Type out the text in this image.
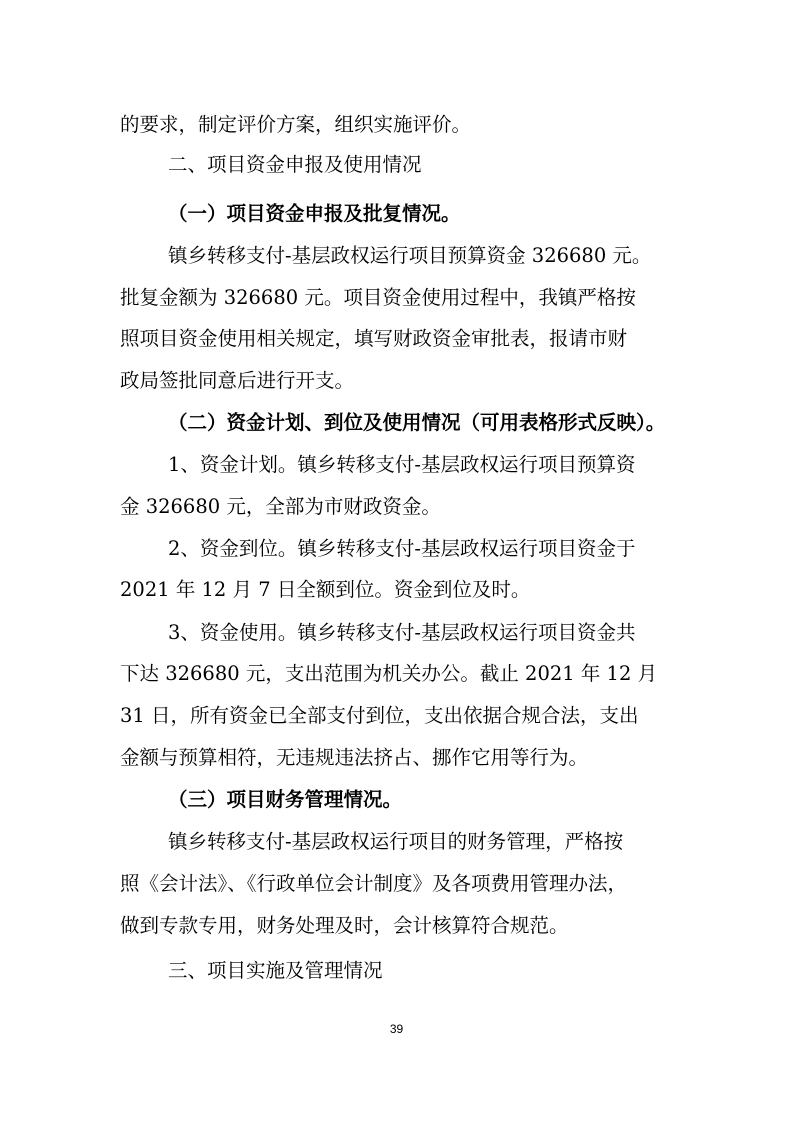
的要求，制定评价方案，组织实施评价。
二、项目资金申报及使用情况
（一）项目资金申报及批复情况。
镇乡转移支付-基层政权运行项目预算资金 326680 元。
批复金额为 326680 元。项目资金使用过程中，我镇严格按
照项目资金使用相关规定，填写财政资金审批表，报请市财
政局签批同意后进行开支。
（二）资金计划、到位及使用情况（可用表格形式反映）。
1、资金计划。镇乡转移支付-基层政权运行项目预算资
金 326680 元，全部为市财政资金。
2、资金到位。镇乡转移支付-基层政权运行项目资金于
2021 年 12 月 7 日全额到位。资金到位及时。
3、资金使用。镇乡转移支付-基层政权运行项目资金共
下达 326680 元，支出范围为机关办公。截止 2021 年 12 月
31 日，所有资金已全部支付到位，支出依据合规合法，支出
金额与预算相符，无违规违法挤占、挪作它用等行为。
（三）项目财务管理情况。
镇乡转移支付-基层政权运行项目的财务管理，严格按
照《会计法》、《行政单位会计制度》及各项费用管理办法，
做到专款专用，财务处理及时，会计核算符合规范。
三、项目实施及管理情况
39
